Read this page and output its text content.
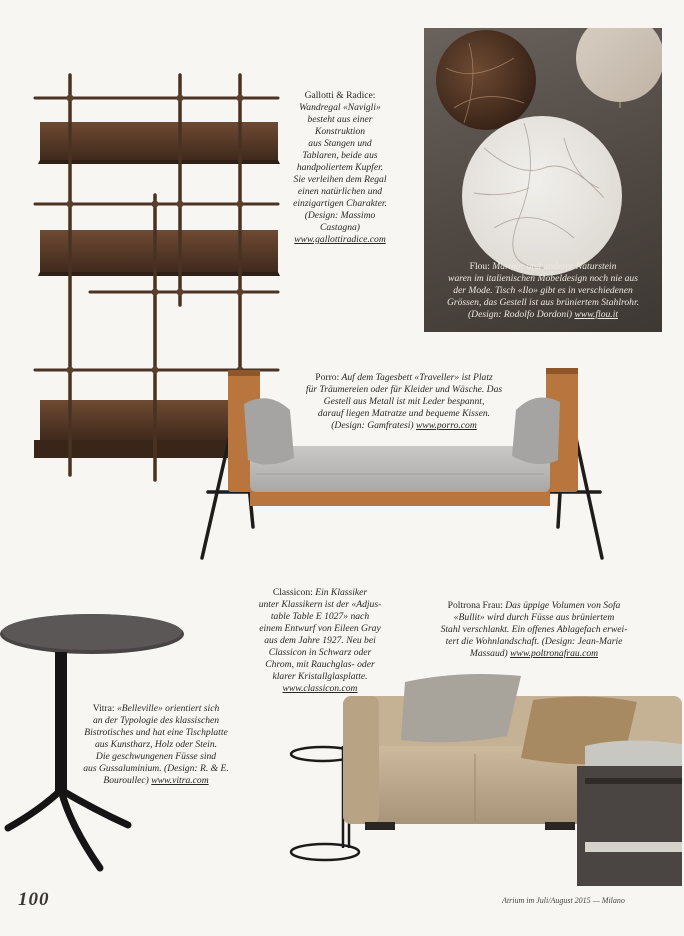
Gallotti & Radice:
Wandregal «Navigli»
besteht aus einer
Konstruktion
aus Stangen und
Tablaren, beide aus
handpoliertem Kupfer.
Sie verleihen dem Regal
einen natürlichen und
einzigartigen Charakter.
(Design: Massimo
Castagna)
www.gallottiradice.com
Flou: Marmor und anderer Naturstein
waren im italienischen Möbeldesign noch nie aus
der Mode. Tisch «Ilo» gibt es in verschiedenen
Grössen, das Gestell ist aus brüniertem Stahlrohr.
(Design: Rodolfo Dordoni) www.flou.it
Porro: Auf dem Tagesbett «Traveller» ist Platz
für Träumereien oder für Kleider und Wäsche. Das
Gestell aus Metall ist mit Leder bespannt,
darauf liegen Matratze und bequeme Kissen.
(Design: Gamfratesi) www.porro.com
Vitra: «Belleville» orientiert sich
an der Typologie des klassischen
Bistrotisches und hat eine Tischplatte
aus Kunstharz, Holz oder Stein.
Die geschwungenen Füsse sind
aus Gussaluminium. (Design: R. & E.
Bouroullec) www.vitra.com
Classicon: Ein Klassiker
unter Klassikern ist der «Adjus-
table Table E 1027» nach
einem Entwurf von Eileen Gray
aus dem Jahre 1927. Neu bei
Classicon in Schwarz oder
Chrom, mit Rauchglas- oder
klarer Kristallglasplatte.
www.classicon.com
Poltrona Frau: Das üppige Volumen von Sofa
«Bullit» wird durch Füsse aus brüniertem
Stahl verschlankt. Ein offenes Ablagefach erwei-
tert die Wohnlandschaft. (Design: Jean-Marie
Massaud) www.poltronafrau.com
100	Atrium im Juli/August 2015 — Milano
